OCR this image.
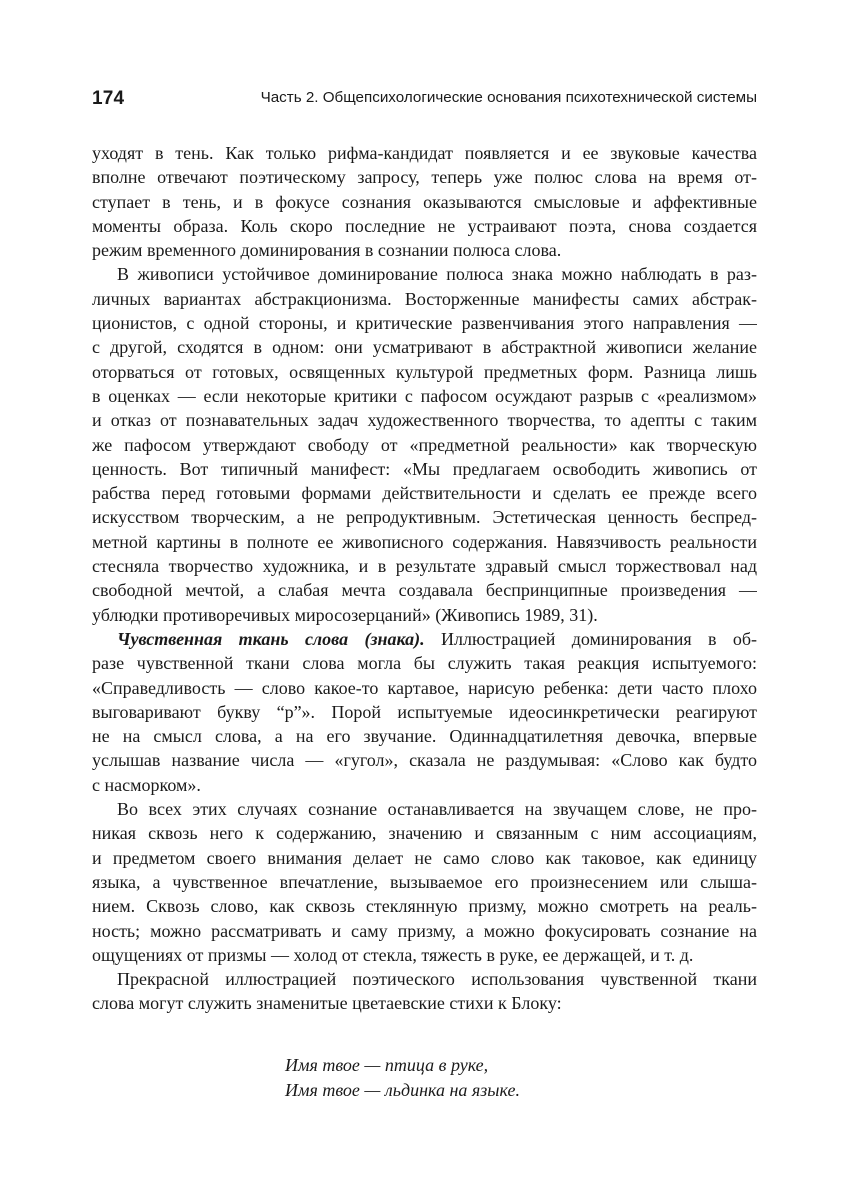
174	Часть 2. Общепсихологические основания психотехнической системы
уходят в тень. Как только рифма-кандидат появляется и ее звуковые качества
вполне отвечают поэтическому запросу, теперь уже полюс слова на время от-
ступает в тень, и в фокусе сознания оказываются смысловые и аффективные
моменты образа. Коль скоро последние не устраивают поэта, снова создается
режим временного доминирования в сознании полюса слова.
В живописи устойчивое доминирование полюса знака можно наблюдать в раз-
личных вариантах абстракционизма. Восторженные манифесты самих абстрак-
ционистов, с одной стороны, и критические развенчивания этого направления —
с другой, сходятся в одном: они усматривают в абстрактной живописи желание
оторваться от готовых, освященных культурой предметных форм. Разница лишь
в оценках — если некоторые критики с пафосом осуждают разрыв с «реализмом»
и отказ от познавательных задач художественного творчества, то адепты с таким
же пафосом утверждают свободу от «предметной реальности» как творческую
ценность. Вот типичный манифест: «Мы предлагаем освободить живопись от
рабства перед готовыми формами действительности и сделать ее прежде всего
искусством творческим, а не репродуктивным. Эстетическая ценность беспред-
метной картины в полноте ее живописного содержания. Навязчивость реальности
стесняла творчество художника, и в результате здравый смысл торжествовал над
свободной мечтой, а слабая мечта создавала беспринципные произведения —
ублюдки противоречивых миросозерцаний» (Живопись 1989, 31).
Чувственная ткань слова (знака). Иллюстрацией доминирования в об-
разе чувственной ткани слова могла бы служить такая реакция испытуемого:
«Справедливость — слово какое-то картавое, нарисую ребенка: дети часто плохо
выговаривают букву “р”». Порой испытуемые идеосинкретически реагируют
не на смысл слова, а на его звучание. Одиннадцатилетняя девочка, впервые
услышав название числа — «гугол», сказала не раздумывая: «Слово как будто
с насморком».
Во всех этих случаях сознание останавливается на звучащем слове, не про-
никая сквозь него к содержанию, значению и связанным с ним ассоциациям,
и предметом своего внимания делает не само слово как таковое, как единицу
языка, а чувственное впечатление, вызываемое его произнесением или слыша-
нием. Сквозь слово, как сквозь стеклянную призму, можно смотреть на реаль-
ность; можно рассматривать и саму призму, а можно фокусировать сознание на
ощущениях от призмы — холод от стекла, тяжесть в руке, ее держащей, и т. д.
Прекрасной иллюстрацией поэтического использования чувственной ткани
слова могут служить знаменитые цветаевские стихи к Блоку:
Имя твое — птица в руке,
Имя твое — льдинка на языке.
